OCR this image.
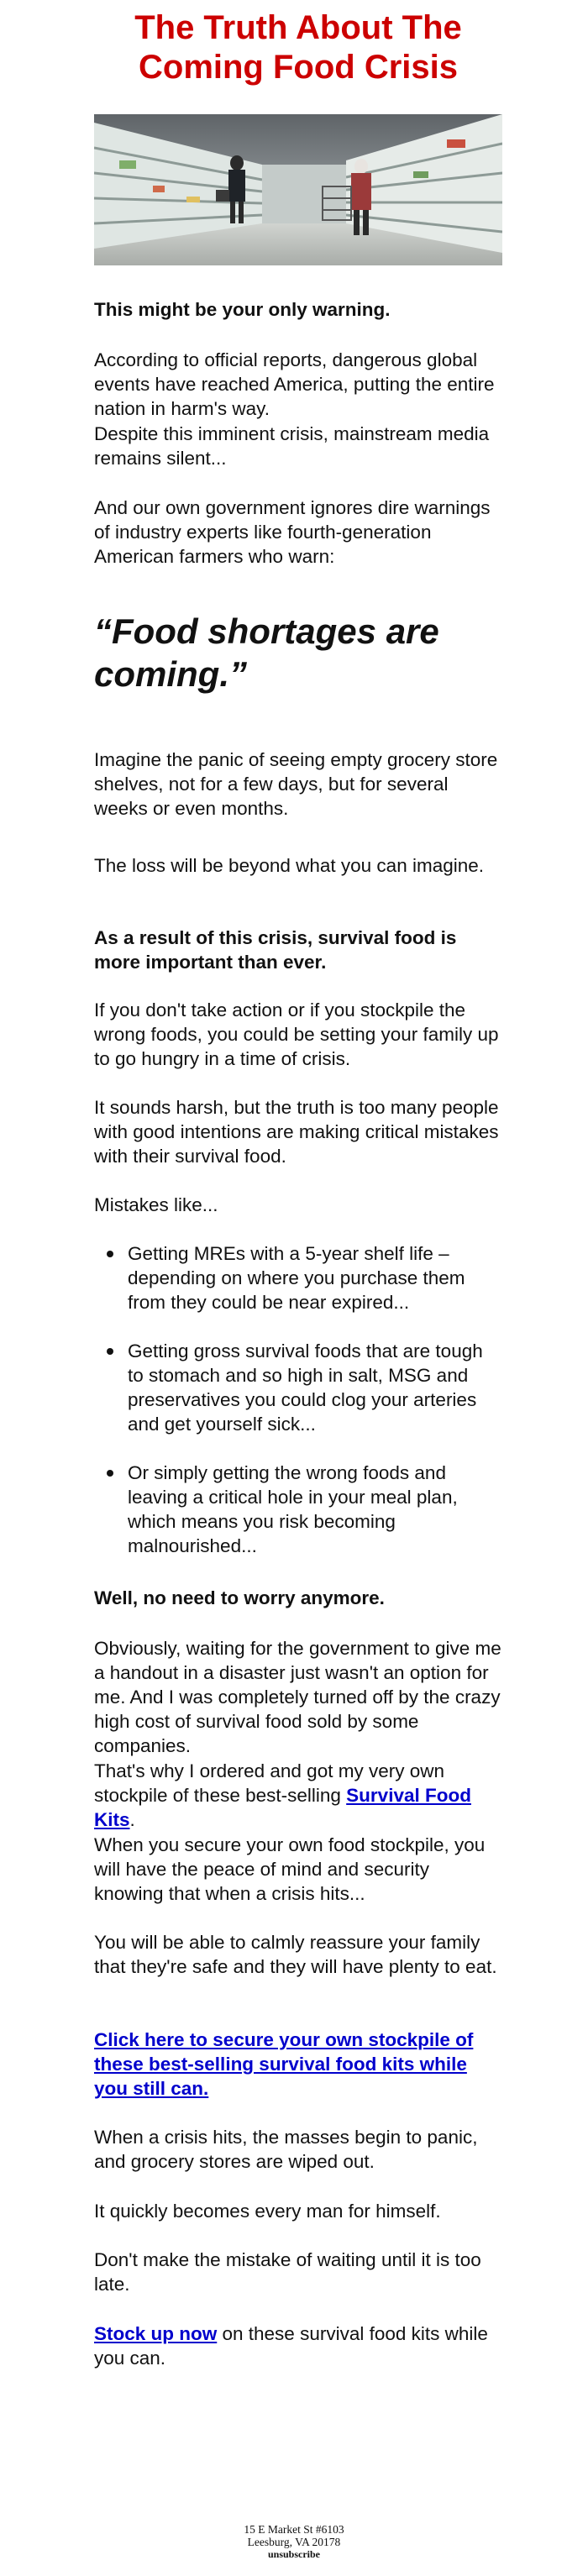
The Truth About The Coming Food Crisis

This might be your only warning.

According to official reports, dangerous global events have reached America, putting the entire nation in harm's way.

Despite this imminent crisis, mainstream media remains silent...

And our own government ignores dire warnings of industry experts like fourth-generation American farmers who warn:

“Food shortages are coming.”

Imagine the panic of seeing empty grocery store shelves, not for a few days, but for several weeks or even months.

The loss will be beyond what you can imagine.

As a result of this crisis, survival food is more important than ever.

If you don't take action or if you stockpile the wrong foods, you could be setting your family up to go hungry in a time of crisis.

It sounds harsh, but the truth is too many people with good intentions are making critical mistakes with their survival food.

Mistakes like...

Getting MREs with a 5-year shelf life – depending on where you purchase them from they could be near expired...
Getting gross survival foods that are tough to stomach and so high in salt, MSG and preservatives you could clog your arteries and get yourself sick...
Or simply getting the wrong foods and leaving a critical hole in your meal plan, which means you risk becoming malnourished...

Well, no need to worry anymore.

Obviously, waiting for the government to give me a handout in a disaster just wasn't an option for me. And I was completely turned off by the crazy high cost of survival food sold by some companies.

That's why I ordered and got my very own stockpile of these best-selling Survival Food Kits.

When you secure your own food stockpile, you will have the peace of mind and security knowing that when a crisis hits...

You will be able to calmly reassure your family that they're safe and they will have plenty to eat.

Click here to secure your own stockpile of these best-selling survival food kits while you still can.

When a crisis hits, the masses begin to panic, and grocery stores are wiped out.

It quickly becomes every man for himself.

Don't make the mistake of waiting until it is too late.

Stock up now on these survival food kits while you can.

15 E Market St #6103
Leesburg, VA 20178
unsubscribe
